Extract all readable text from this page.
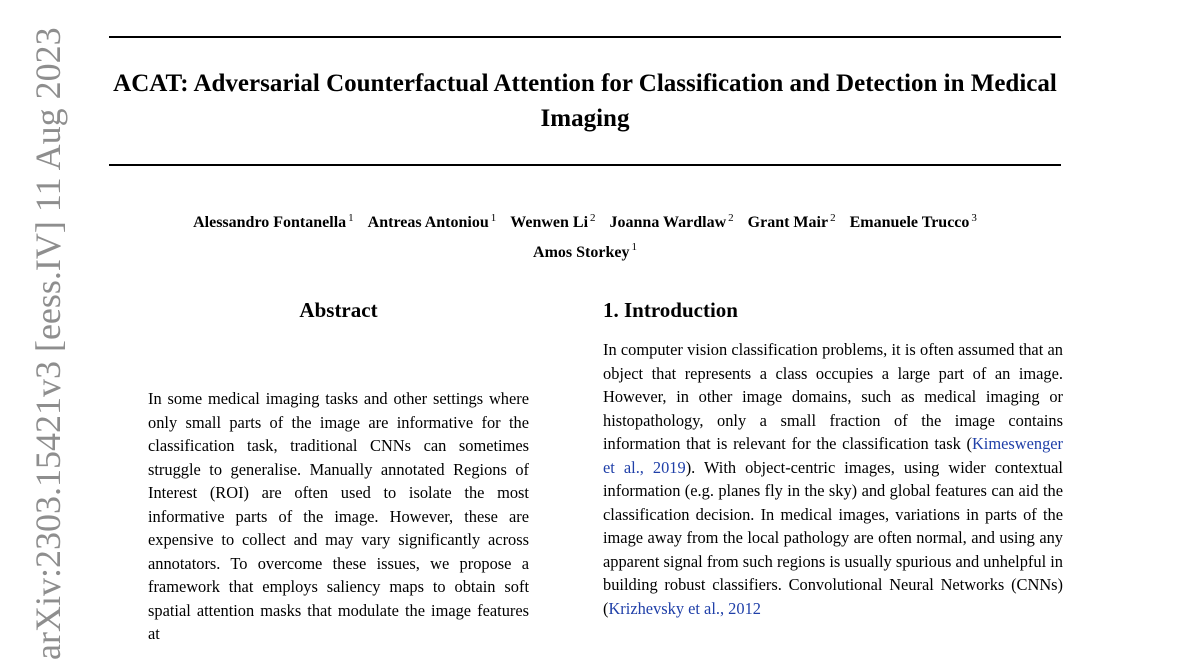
ACAT: Adversarial Counterfactual Attention for Classification and Detection in Medical Imaging
Alessandro Fontanella $^1$ Antreas Antoniou $^1$ Wenwen Li $^2$ Joanna Wardlaw $^2$ Grant Mair $^2$ Emanuele Trucco $^3$
Amos Storkey $^1$
arXiv:2303.15421v3 [eess.IV] 11 Aug 2023	Abstract

In some medical imaging tasks and other settings where only small parts of the image are informative for the classification task, traditional CNNs can sometimes struggle to generalise. Manually annotated Regions of Interest (ROI) are often used to isolate the most informative parts of the image. However, these are expensive to collect and may vary significantly across annotators. To overcome these issues, we propose a framework that employs saliency maps to obtain soft spatial attention masks that modulate the image features at

1. Introduction

In computer vision classification problems, it is often assumed that an object that represents a class occupies a large part of an image. However, in other image domains, such as medical imaging or histopathology, only a small fraction of the image contains information that is relevant for the classification task (Kimeswenger et al., 2019). With object-centric images, using wider contextual information (e.g. planes fly in the sky) and global features can aid the classification decision. In medical images, variations in parts of the image away from the local pathology are often normal, and using any apparent signal from such regions is usually spurious and unhelpful in building robust classifiers. Convolutional Neural Networks (CNNs) (Krizhevsky et al., 2012
